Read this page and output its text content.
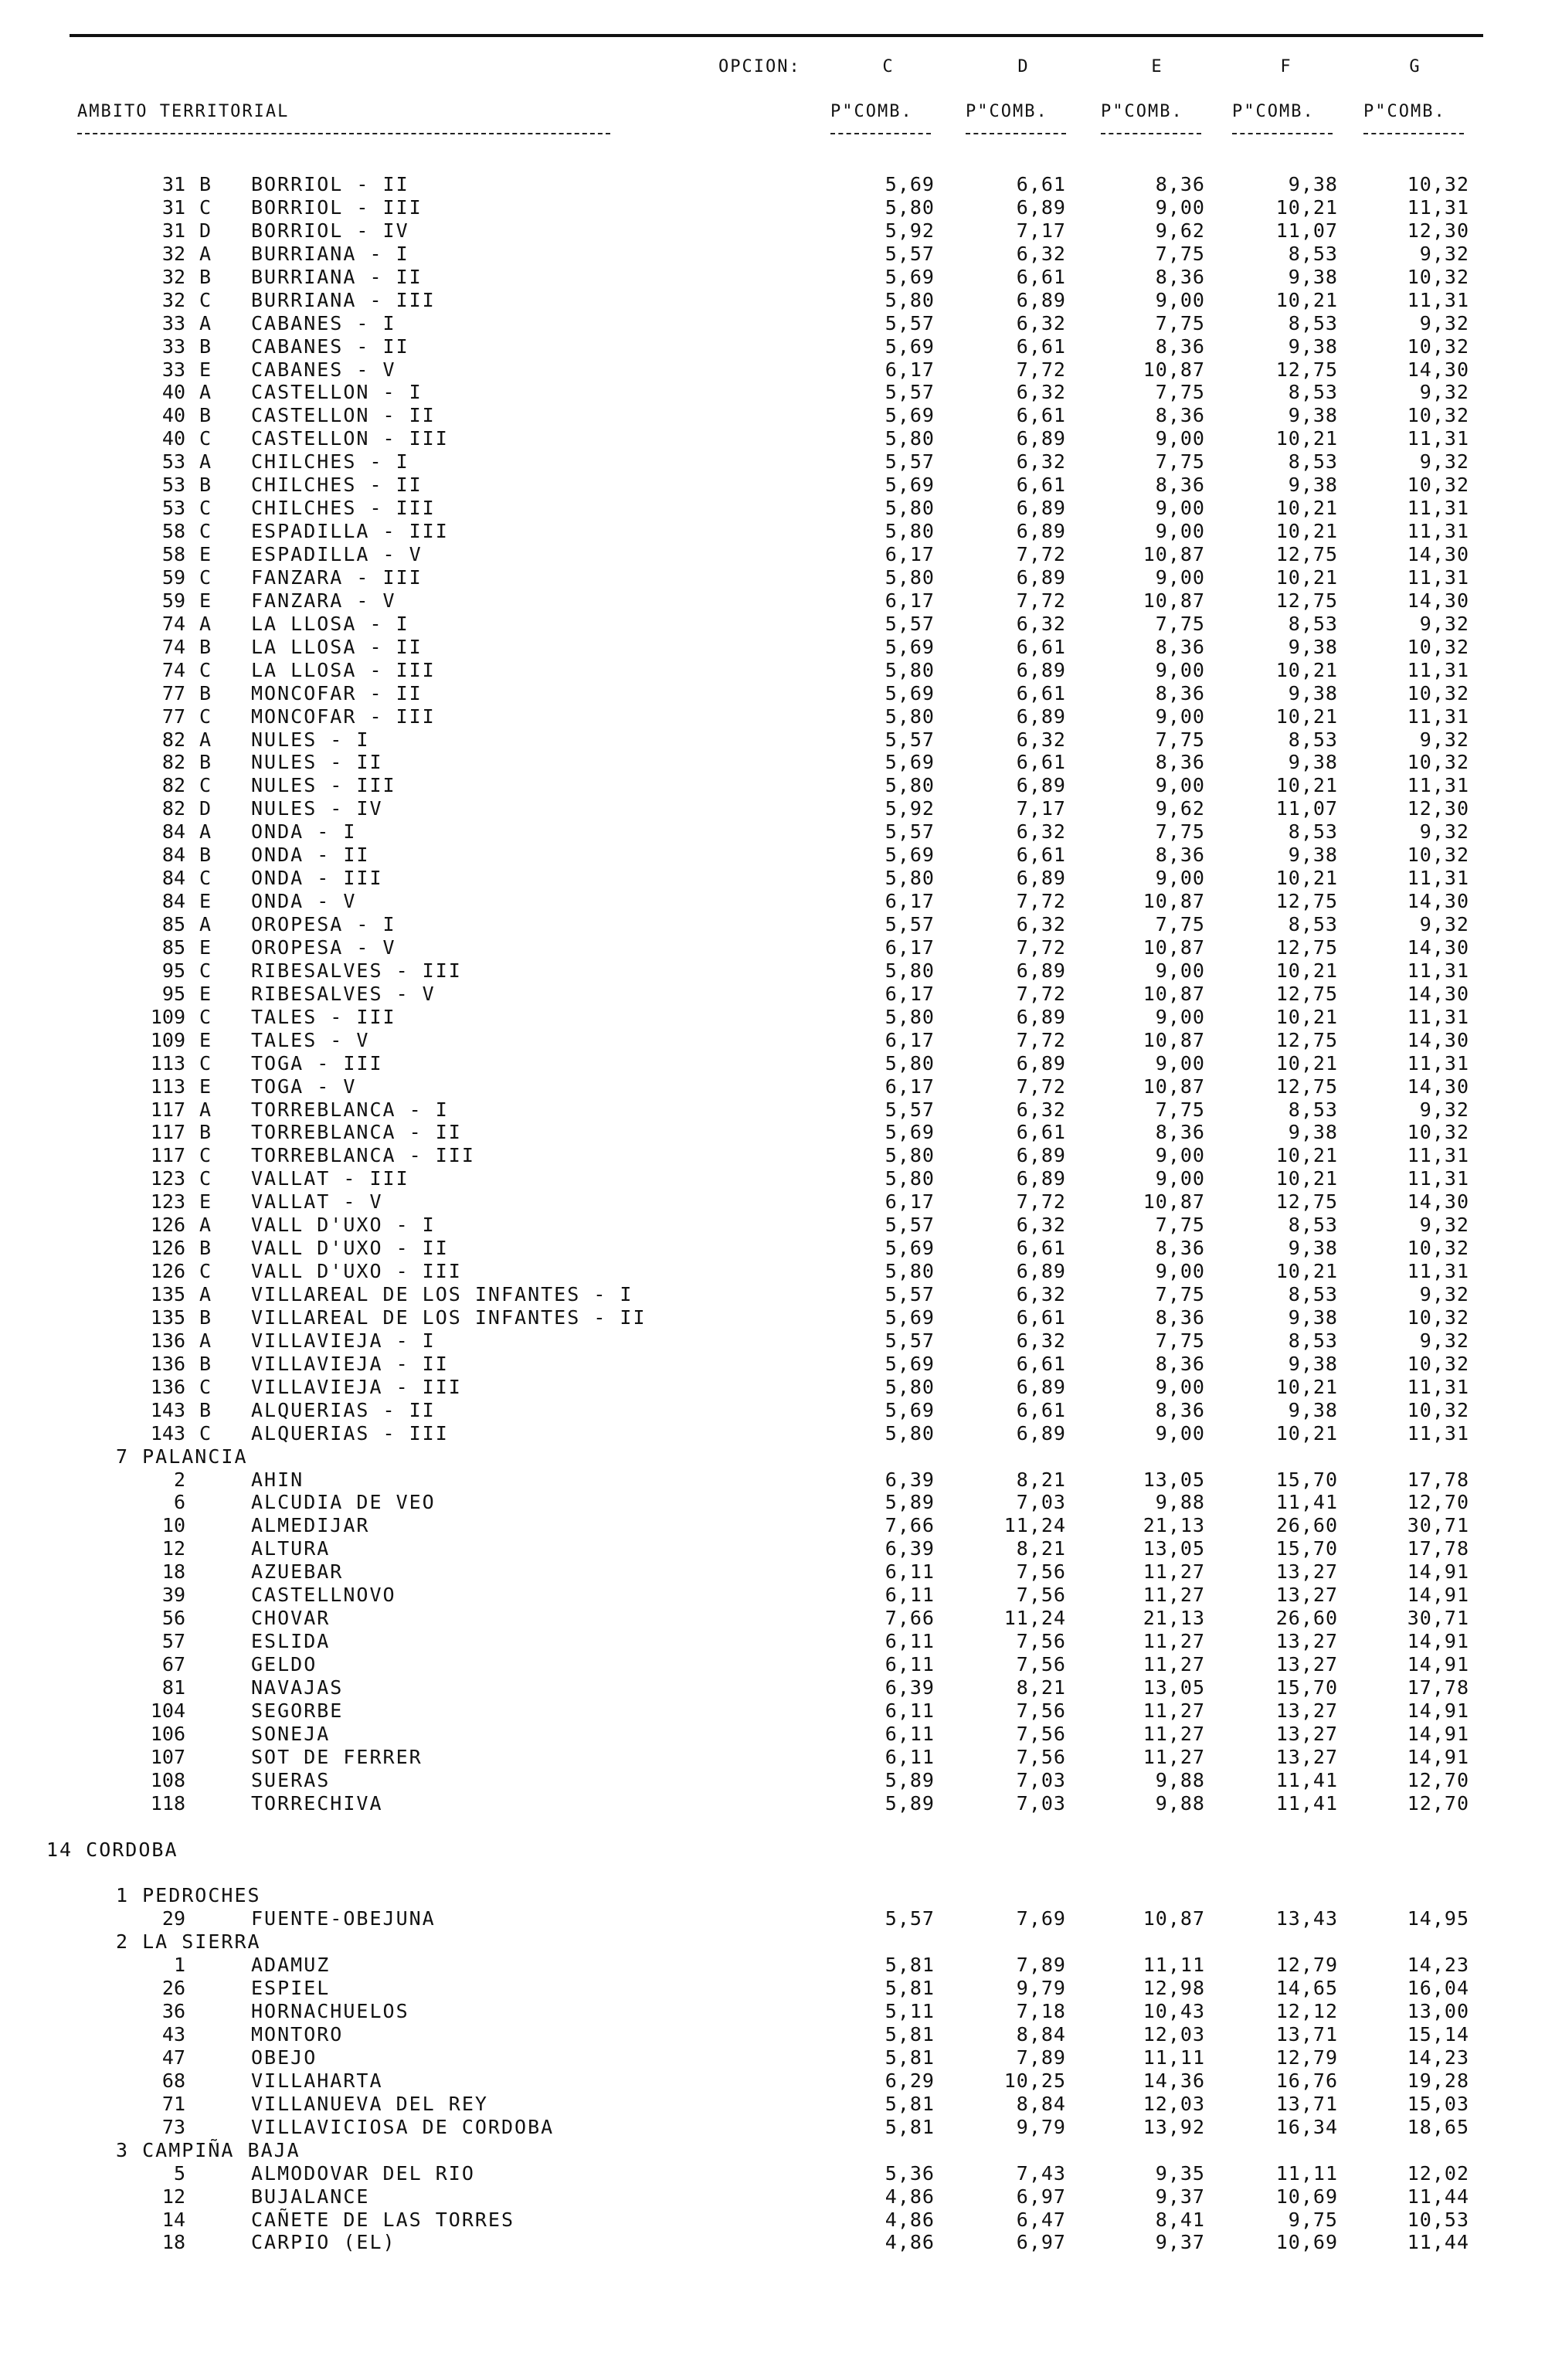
OPCION:	C	D	E	F	G
AMBITO TERRITORIAL	P"COMB.	P"COMB.	P"COMB.	P"COMB.	P"COMB.
31 B	BORRIOL - II	5,69	6,61	8,36	9,38	10,32
31 C	BORRIOL - III	5,80	6,89	9,00	10,21	11,31
31 D	BORRIOL - IV	5,92	7,17	9,62	11,07	12,30
32 A	BURRIANA - I	5,57	6,32	7,75	8,53	9,32
32 B	BURRIANA - II	5,69	6,61	8,36	9,38	10,32
32 C	BURRIANA - III	5,80	6,89	9,00	10,21	11,31
33 A	CABANES - I	5,57	6,32	7,75	8,53	9,32
33 B	CABANES - II	5,69	6,61	8,36	9,38	10,32
33 E	CABANES - V	6,17	7,72	10,87	12,75	14,30
40 A	CASTELLON - I	5,57	6,32	7,75	8,53	9,32
40 B	CASTELLON - II	5,69	6,61	8,36	9,38	10,32
40 C	CASTELLON - III	5,80	6,89	9,00	10,21	11,31
53 A	CHILCHES - I	5,57	6,32	7,75	8,53	9,32
53 B	CHILCHES - II	5,69	6,61	8,36	9,38	10,32
53 C	CHILCHES - III	5,80	6,89	9,00	10,21	11,31
58 C	ESPADILLA - III	5,80	6,89	9,00	10,21	11,31
58 E	ESPADILLA - V	6,17	7,72	10,87	12,75	14,30
59 C	FANZARA - III	5,80	6,89	9,00	10,21	11,31
59 E	FANZARA - V	6,17	7,72	10,87	12,75	14,30
74 A	LA LLOSA - I	5,57	6,32	7,75	8,53	9,32
74 B	LA LLOSA - II	5,69	6,61	8,36	9,38	10,32
74 C	LA LLOSA - III	5,80	6,89	9,00	10,21	11,31
77 B	MONCOFAR - II	5,69	6,61	8,36	9,38	10,32
77 C	MONCOFAR - III	5,80	6,89	9,00	10,21	11,31
82 A	NULES - I	5,57	6,32	7,75	8,53	9,32
82 B	NULES - II	5,69	6,61	8,36	9,38	10,32
82 C	NULES - III	5,80	6,89	9,00	10,21	11,31
82 D	NULES - IV	5,92	7,17	9,62	11,07	12,30
84 A	ONDA - I	5,57	6,32	7,75	8,53	9,32
84 B	ONDA - II	5,69	6,61	8,36	9,38	10,32
84 C	ONDA - III	5,80	6,89	9,00	10,21	11,31
84 E	ONDA - V	6,17	7,72	10,87	12,75	14,30
85 A	OROPESA - I	5,57	6,32	7,75	8,53	9,32
85 E	OROPESA - V	6,17	7,72	10,87	12,75	14,30
95 C	RIBESALVES - III	5,80	6,89	9,00	10,21	11,31
95 E	RIBESALVES - V	6,17	7,72	10,87	12,75	14,30
109 C	TALES - III	5,80	6,89	9,00	10,21	11,31
109 E	TALES - V	6,17	7,72	10,87	12,75	14,30
113 C	TOGA - III	5,80	6,89	9,00	10,21	11,31
113 E	TOGA - V	6,17	7,72	10,87	12,75	14,30
117 A	TORREBLANCA - I	5,57	6,32	7,75	8,53	9,32
117 B	TORREBLANCA - II	5,69	6,61	8,36	9,38	10,32
117 C	TORREBLANCA - III	5,80	6,89	9,00	10,21	11,31
123 C	VALLAT - III	5,80	6,89	9,00	10,21	11,31
123 E	VALLAT - V	6,17	7,72	10,87	12,75	14,30
126 A	VALL D'UXO - I	5,57	6,32	7,75	8,53	9,32
126 B	VALL D'UXO - II	5,69	6,61	8,36	9,38	10,32
126 C	VALL D'UXO - III	5,80	6,89	9,00	10,21	11,31
135 A	VILLAREAL DE LOS INFANTES - I	5,57	6,32	7,75	8,53	9,32
135 B	VILLAREAL DE LOS INFANTES - II	5,69	6,61	8,36	9,38	10,32
136 A	VILLAVIEJA - I	5,57	6,32	7,75	8,53	9,32
136 B	VILLAVIEJA - II	5,69	6,61	8,36	9,38	10,32
136 C	VILLAVIEJA - III	5,80	6,89	9,00	10,21	11,31
143 B	ALQUERIAS - II	5,69	6,61	8,36	9,38	10,32
143 C	ALQUERIAS - III	5,80	6,89	9,00	10,21	11,31
7 PALANCIA
2	AHIN	6,39	8,21	13,05	15,70	17,78
6	ALCUDIA DE VEO	5,89	7,03	9,88	11,41	12,70
10	ALMEDIJAR	7,66	11,24	21,13	26,60	30,71
12	ALTURA	6,39	8,21	13,05	15,70	17,78
18	AZUEBAR	6,11	7,56	11,27	13,27	14,91
39	CASTELLNOVO	6,11	7,56	11,27	13,27	14,91
56	CHOVAR	7,66	11,24	21,13	26,60	30,71
57	ESLIDA	6,11	7,56	11,27	13,27	14,91
67	GELDO	6,11	7,56	11,27	13,27	14,91
81	NAVAJAS	6,39	8,21	13,05	15,70	17,78
104	SEGORBE	6,11	7,56	11,27	13,27	14,91
106	SONEJA	6,11	7,56	11,27	13,27	14,91
107	SOT DE FERRER	6,11	7,56	11,27	13,27	14,91
108	SUERAS	5,89	7,03	9,88	11,41	12,70
118	TORRECHIVA	5,89	7,03	9,88	11,41	12,70
14 CORDOBA
1 PEDROCHES
29	FUENTE-OBEJUNA	5,57	7,69	10,87	13,43	14,95
2 LA SIERRA
1	ADAMUZ	5,81	7,89	11,11	12,79	14,23
26	ESPIEL	5,81	9,79	12,98	14,65	16,04
36	HORNACHUELOS	5,11	7,18	10,43	12,12	13,00
43	MONTORO	5,81	8,84	12,03	13,71	15,14
47	OBEJO	5,81	7,89	11,11	12,79	14,23
68	VILLAHARTA	6,29	10,25	14,36	16,76	19,28
71	VILLANUEVA DEL REY	5,81	8,84	12,03	13,71	15,03
73	VILLAVICIOSA DE CORDOBA	5,81	9,79	13,92	16,34	18,65
3 CAMPIÑA BAJA
5	ALMODOVAR DEL RIO	5,36	7,43	9,35	11,11	12,02
12	BUJALANCE	4,86	6,97	9,37	10,69	11,44
14	CAÑETE DE LAS TORRES	4,86	6,47	8,41	9,75	10,53
18	CARPIO (EL)	4,86	6,97	9,37	10,69	11,44
